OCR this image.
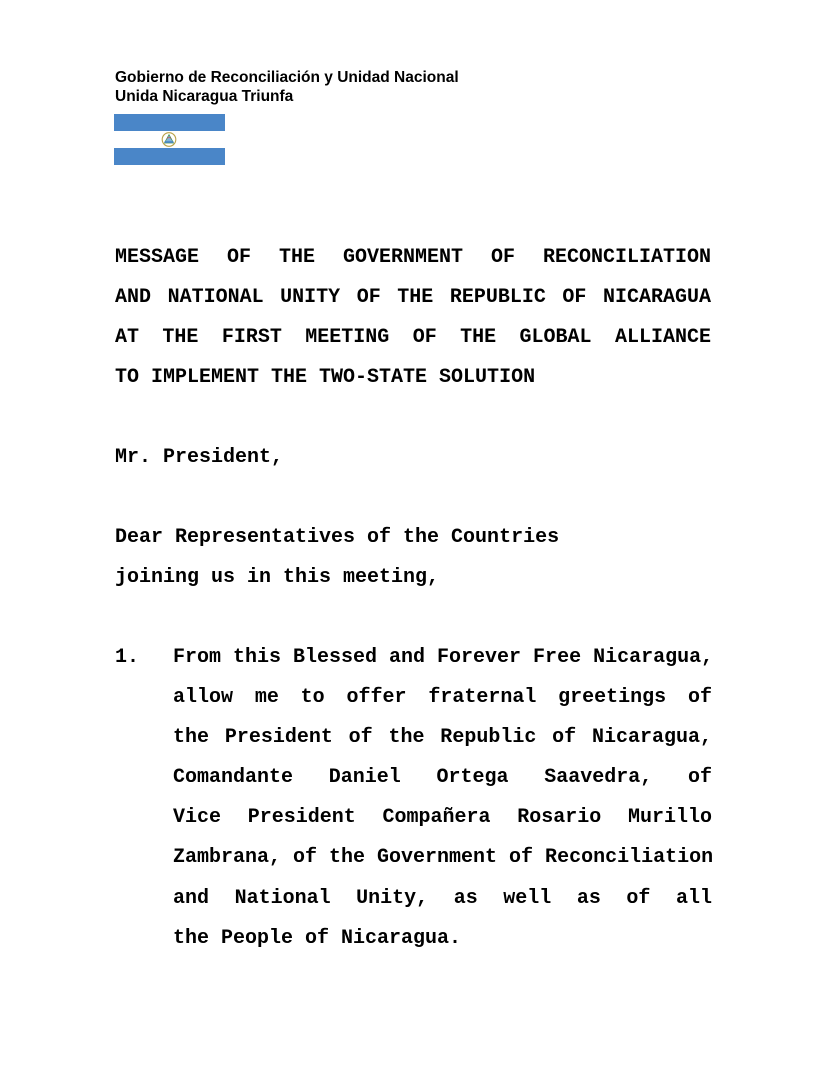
Gobierno de Reconciliación y Unidad Nacional
Unida Nicaragua Triunfa
MESSAGE OF THE GOVERNMENT OF RECONCILIATION
AND NATIONAL UNITY OF THE REPUBLIC OF NICARAGUA
AT THE FIRST MEETING OF THE GLOBAL ALLIANCE
TO IMPLEMENT THE TWO-STATE SOLUTION
Mr. President,
Dear Representatives of the Countries
joining us in this meeting,
1. From this Blessed and Forever Free Nicaragua,
allow me to offer fraternal greetings of
the President of the Republic of Nicaragua,
Comandante Daniel Ortega Saavedra, of
Vice President Compañera Rosario Murillo
Zambrana, of the Government of Reconciliation
and National Unity, as well as of all
the People of Nicaragua.
